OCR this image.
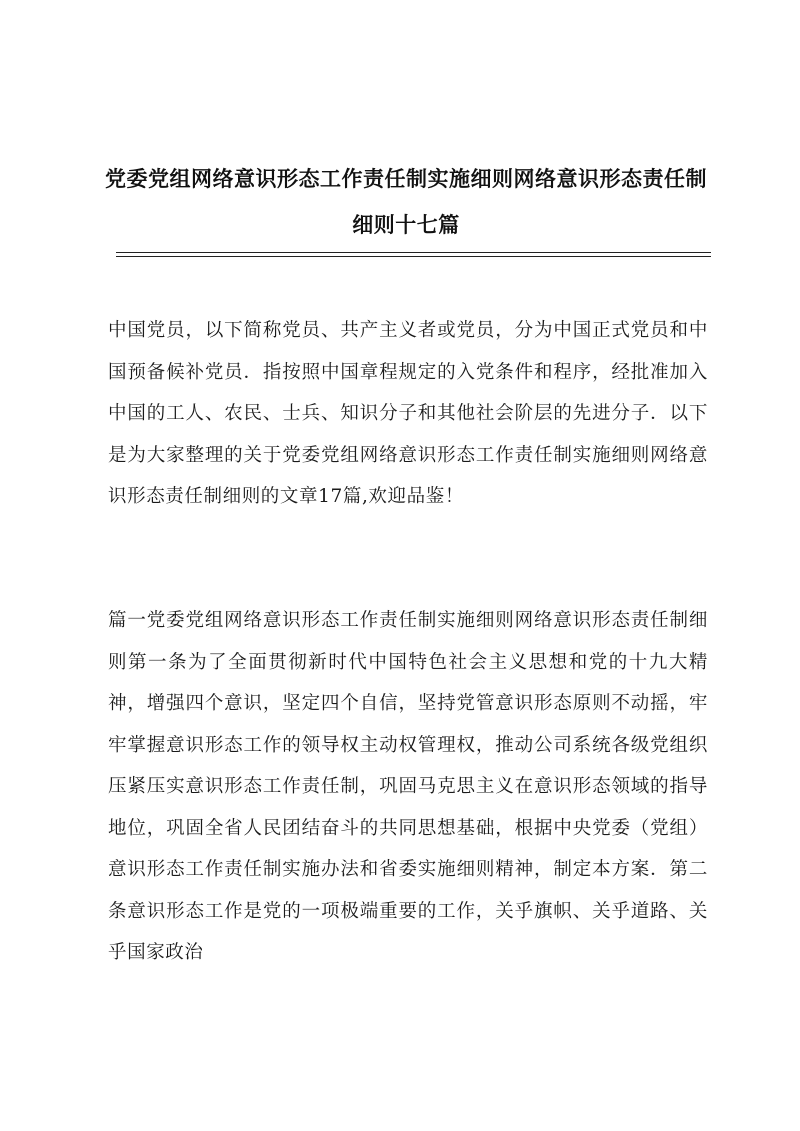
党委党组网络意识形态工作责任制实施细则网络意识形态责任制细则十七篇

中国党员，以下简称党员、共产主义者或党员，分为中国正式党员和中国预备候补党员．指按照中国章程规定的入党条件和程序，经批准加入中国的工人、农民、士兵、知识分子和其他社会阶层的先进分子．以下是为大家整理的关于党委党组网络意识形态工作责任制实施细则网络意识形态责任制细则的文章17篇,欢迎品鉴！

篇一党委党组网络意识形态工作责任制实施细则网络意识形态责任制细则第一条为了全面贯彻新时代中国特色社会主义思想和党的十九大精神，增强四个意识，坚定四个自信，坚持党管意识形态原则不动摇，牢牢掌握意识形态工作的领导权主动权管理权，推动公司系统各级党组织压紧压实意识形态工作责任制，巩固马克思主义在意识形态领域的指导地位，巩固全省人民团结奋斗的共同思想基础，根据中央党委（党组）意识形态工作责任制实施办法和省委实施细则精神，制定本方案．第二条意识形态工作是党的一项极端重要的工作，关乎旗帜、关乎道路、关乎国家政治
